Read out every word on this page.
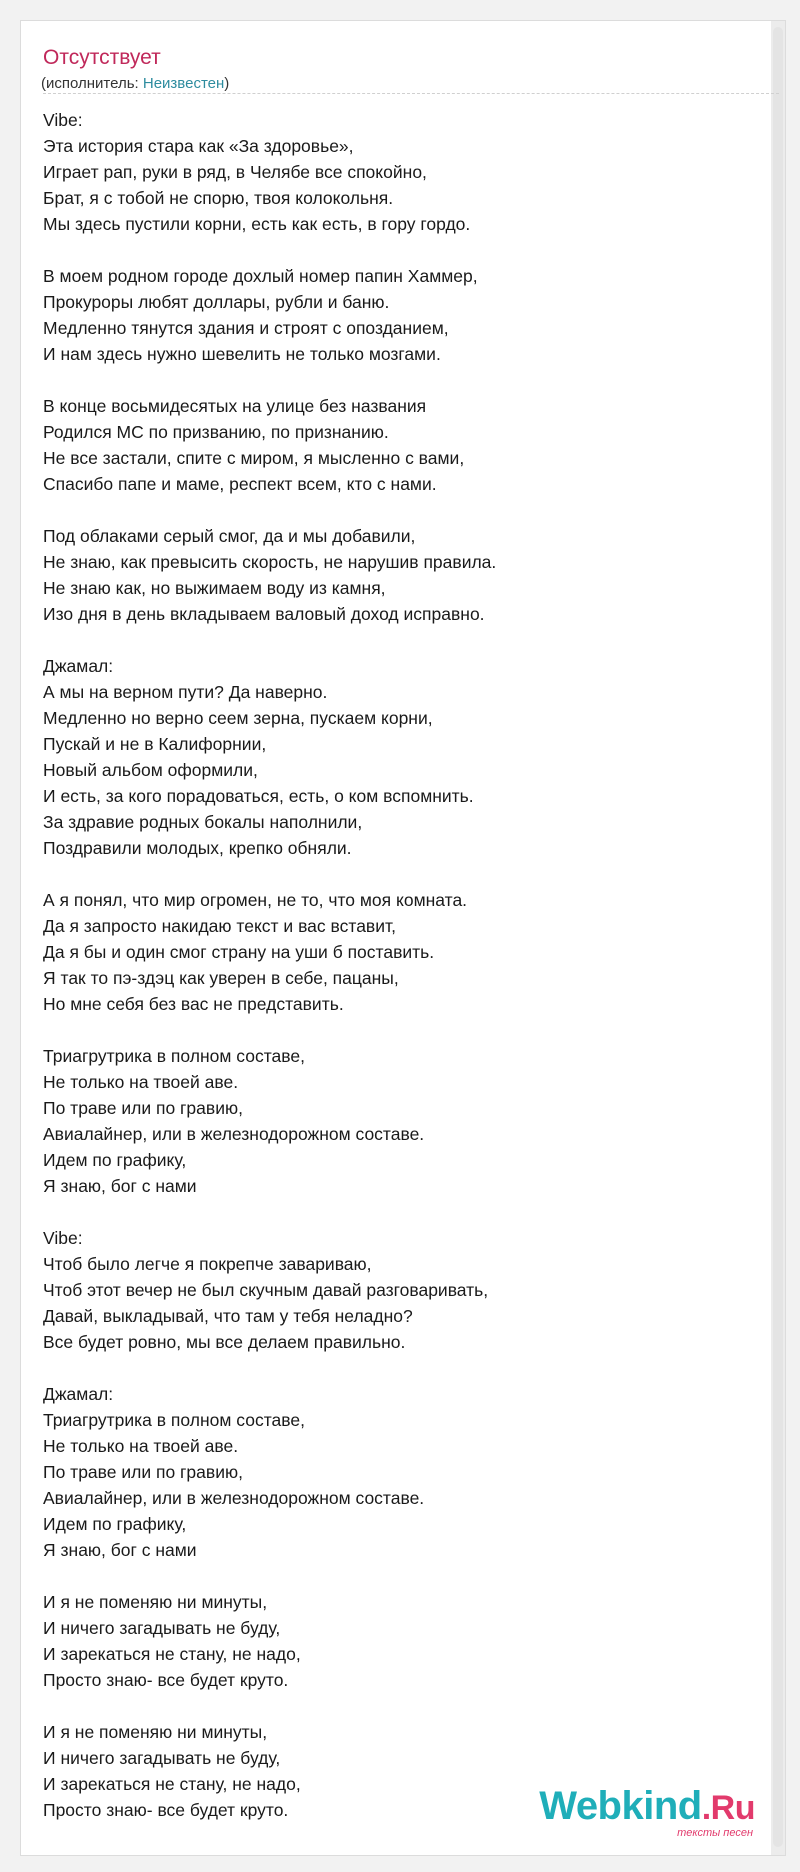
Отсутствует
(исполнитель: Неизвестен)
Vibe:
Эта история стара как «За здоровье»,
Играет рап, руки в ряд, в Челябе все спокойно,
Брат, я с тобой не спорю, твоя колокольня.
Мы здесь пустили корни, есть как есть, в гору гордо.
В моем родном городе дохлый номер папин Хаммер,
Прокуроры любят доллары, рубли и баню.
Медленно тянутся здания и строят с опозданием,
И нам здесь нужно шевелить не только мозгами.
В конце восьмидесятых на улице без названия
Родился МС по призванию, по признанию.
Не все застали, спите с миром, я мысленно с вами,
Спасибо папе и маме, респект всем, кто с нами.
Под облаками серый смог, да и мы добавили,
Не знаю, как превысить скорость, не нарушив правила.
Не знаю как, но выжимаем воду из камня,
Изо дня в день вкладываем валовый доход исправно.
Джамал:
А мы на верном пути? Да наверно.
Медленно но верно сеем зерна, пускаем корни,
Пускай и не в Калифорнии,
Новый альбом оформили,
И есть, за кого порадоваться, есть, о ком вспомнить.
За здравие родных бокалы наполнили,
Поздравили молодых, крепко обняли.
А я понял, что мир огромен, не то, что моя комната.
Да я запросто накидаю текст и вас вставит,
Да я бы и один смог страну на уши б поставить.
Я так то пэ-здэц как уверен в себе, пацаны,
Но мне себя без вас не представить.
Триагрутрика в полном составе,
Не только на твоей аве.
По траве или по гравию,
Авиалайнер, или в железнодорожном составе.
Идем по графику,
Я знаю, бог с нами
Vibe:
Чтоб было легче я покрепче завариваю,
Чтоб этот вечер не был скучным давай разговаривать,
Давай, выкладывай, что там у тебя неладно?
Все будет ровно, мы все делаем правильно.
Джамал:
Триагрутрика в полном составе,
Не только на твоей аве.
По траве или по гравию,
Авиалайнер, или в железнодорожном составе.
Идем по графику,
Я знаю, бог с нами
И я не поменяю ни минуты,
И ничего загадывать не буду,
И зарекаться не стану, не надо,
Просто знаю- все будет круто.
И я не поменяю ни минуты,
И ничего загадывать не буду,
И зарекаться не стану, не надо,
Просто знаю- все будет круто.	Webkind.Ru
тексты песен
